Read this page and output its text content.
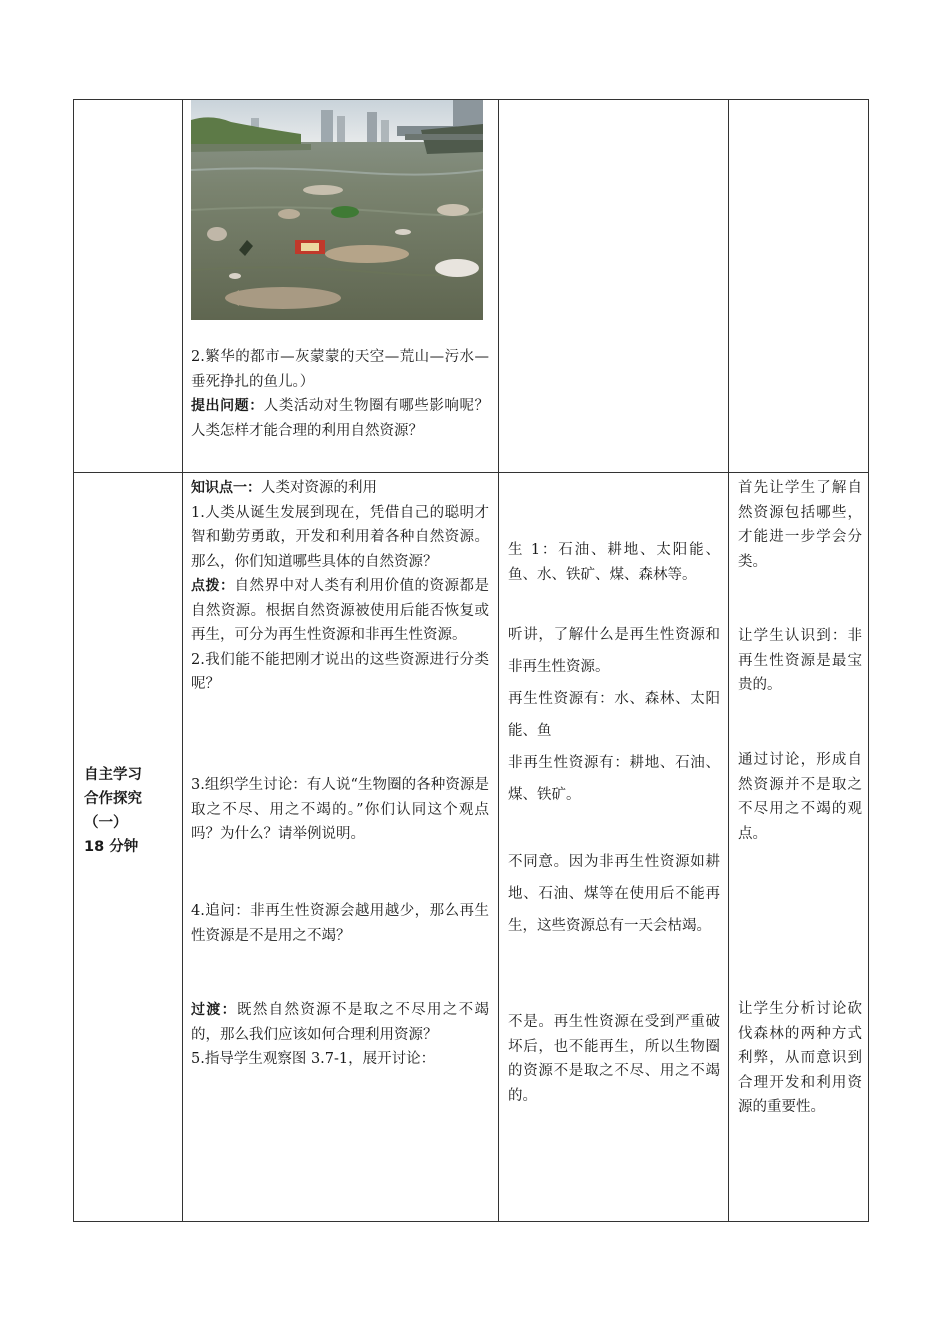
2.繁华的都市—灰蒙蒙的天空—荒山—污水— 垂死挣扎的鱼儿。）

提出问题：人类活动对生物圈有哪些影响呢？人类怎样才能合理的利用自然资源？

自主学习
合作探究
（一）
18 分钟

知识点一：人类对资源的利用

1.人类从诞生发展到现在，凭借自己的聪明才智和勤劳勇敢，开发和利用着各种自然资源。那么，你们知道哪些具体的自然资源？

点拨：自然界中对人类有利用价值的资源都是自然资源。根据自然资源被使用后能否恢复或再生，可分为再生性资源和非再生性资源。

2.我们能不能把刚才说出的这些资源进行分类呢？

3.组织学生讨论：有人说“生物圈的各种资源是取之不尽、用之不竭的。”你们认同这个观点吗？为什么？请举例说明。

4.追问：非再生性资源会越用越少，那么再生性资源是不是用之不竭？

过渡：既然自然资源不是取之不尽用之不竭的，那么我们应该如何合理利用资源？

5.指导学生观察图 3.7-1，展开讨论：

生 1：石油、耕地、太阳能、鱼、水、铁矿、煤、森林等。

听讲，了解什么是再生性资源和非再生性资源。

再生性资源有：水、森林、太阳能、鱼

非再生性资源有：耕地、石油、煤、铁矿。

不同意。因为非再生性资源如耕地、石油、煤等在使用后不能再生，这些资源总有一天会枯竭。

不是。再生性资源在受到严重破坏后，也不能再生，所以生物圈的资源不是取之不尽、用之不竭的。

首先让学生了解自然资源包括哪些，才能进一步学会分类。

让学生认识到：非再生性资源是最宝贵的。

通过讨论，形成自然资源并不是取之不尽用之不竭的观点。

让学生分析讨论砍伐森林的两种方式利弊，从而意识到合理开发和利用资源的重要性。
